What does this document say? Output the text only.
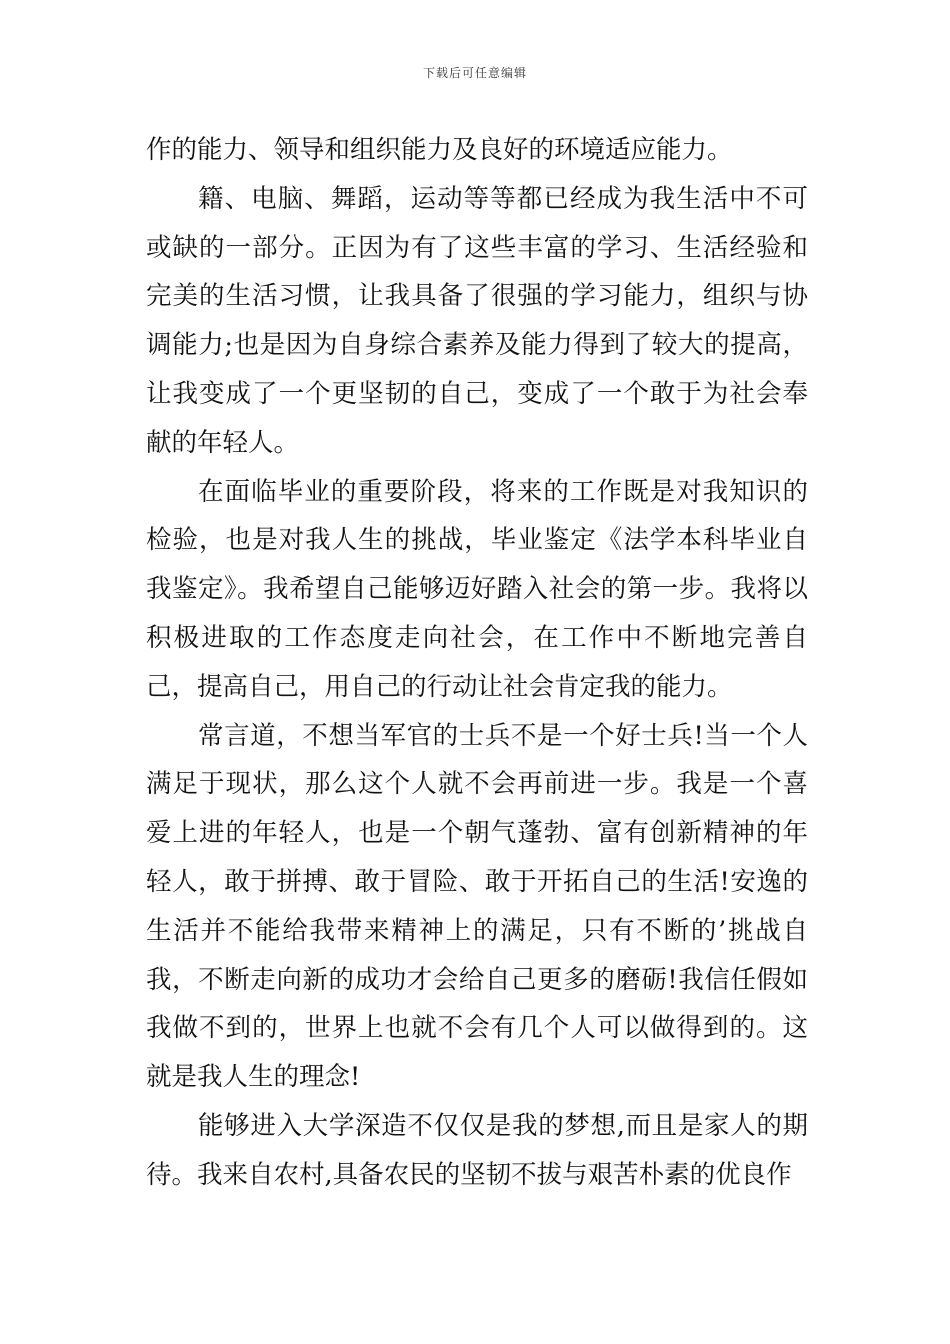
下载后可任意编辑

作的能力、领导和组织能力及良好的环境适应能力。

籍、电脑、舞蹈，运动等等都已经成为我生活中不可或缺的一部分。正因为有了这些丰富的学习、生活经验和完美的生活习惯，让我具备了很强的学习能力，组织与协调能力;也是因为自身综合素养及能力得到了较大的提高，让我变成了一个更坚韧的自己，变成了一个敢于为社会奉献的年轻人。

在面临毕业的重要阶段，将来的工作既是对我知识的检验，也是对我人生的挑战，毕业鉴定《法学本科毕业自我鉴定》。我希望自己能够迈好踏入社会的第一步。我将以积极进取的工作态度走向社会，在工作中不断地完善自己，提高自己，用自己的行动让社会肯定我的能力。

常言道，不想当军官的士兵不是一个好士兵!当一个人满足于现状，那么这个人就不会再前进一步。我是一个喜爱上进的年轻人，也是一个朝气蓬勃、富有创新精神的年轻人，敢于拼搏、敢于冒险、敢于开拓自己的生活!安逸的生活并不能给我带来精神上的满足，只有不断的’挑战自我，不断走向新的成功才会给自己更多的磨砺!我信任假如我做不到的，世界上也就不会有几个人可以做得到的。这就是我人生的理念!

能够进入大学深造不仅仅是我的梦想,而且是家人的期待。我来自农村,具备农民的坚韧不拔与艰苦朴素的优良作
